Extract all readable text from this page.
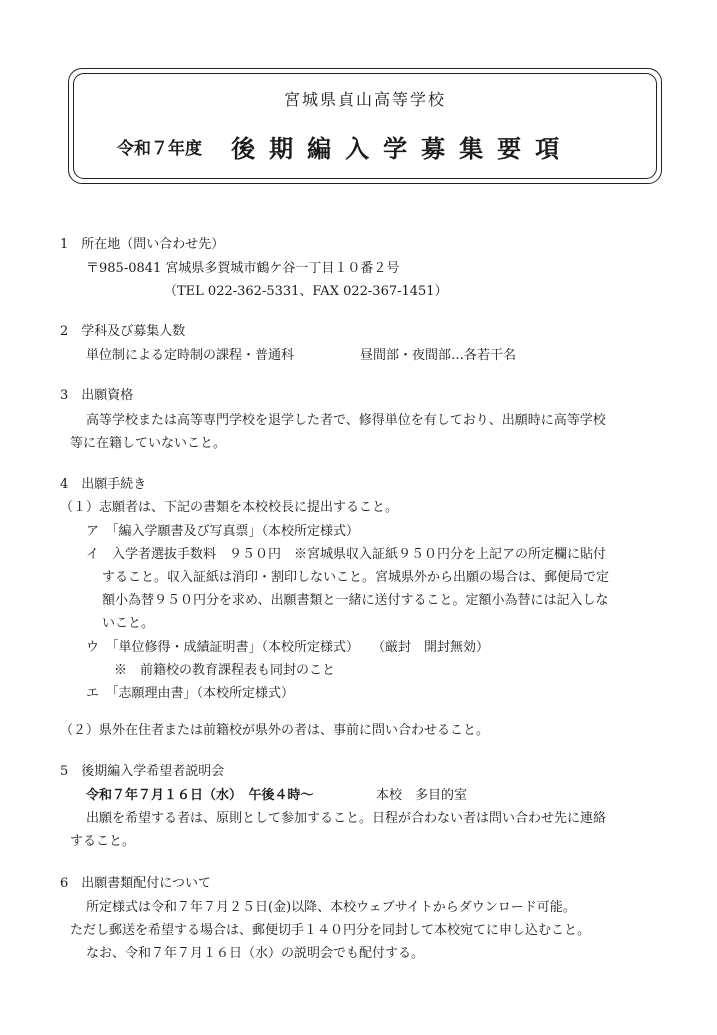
宮城県貞山高等学校
令和７年度 後期編入学募集要項
1　所在地（問い合わせ先）
〒985-0841 宮城県多賀城市鶴ケ谷一丁目１０番２号
（TEL 022-362-5331、FAX 022-367-1451）
2　学科及び募集人数
単位制による定時制の課程・普通科	昼間部・夜間部…各若干名
3　出願資格
高等学校または高等専門学校を退学した者で、修得単位を有しており、出願時に高等学校
等に在籍していないこと。
4　出願手続き
（１）志願者は、下記の書類を本校校長に提出すること。
ア　「編入学願書及び写真票」（本校所定様式）
イ　入学者選抜手数料　９５０円　※宮城県収入証紙９５０円分を上記アの所定欄に貼付
すること。収入証紙は消印・割印しないこと。宮城県外から出願の場合は、郵便局で定
額小為替９５０円分を求め、出願書類と一緒に送付すること。定額小為替には記入しな
いこと。
ウ　「単位修得・成績証明書」（本校所定様式）　　（厳封　開封無効）
※　前籍校の教育課程表も同封のこと
エ　「志願理由書」（本校所定様式）
（２）県外在住者または前籍校が県外の者は、事前に問い合わせること。
5　後期編入学希望者説明会
令和７年７月１６日（水）　午後４時～	本校　多目的室
出願を希望する者は、原則として参加すること。日程が合わない者は問い合わせ先に連絡
すること。
6　出願書類配付について
所定様式は令和７年７月２５日(金)以降、本校ウェブサイトからダウンロード可能。
ただし郵送を希望する場合は、郵便切手１４０円分を同封して本校宛てに申し込むこと。
なお、令和７年７月１６日（水）の説明会でも配付する。
